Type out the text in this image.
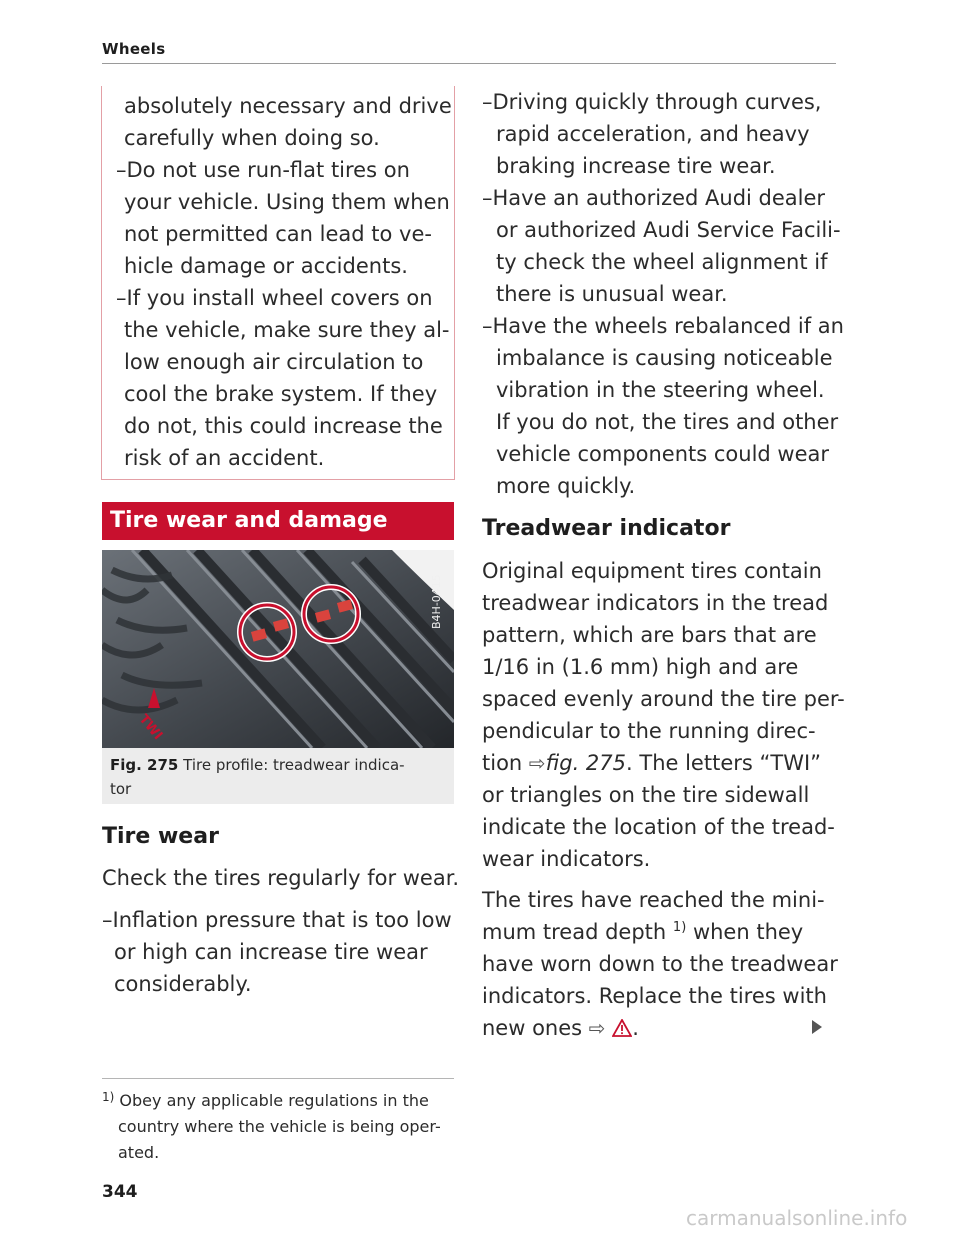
Wheels
absolutely necessary and drive
carefully when doing so.
–Do not use run-flat tires on
your vehicle. Using them when
not permitted can lead to ve-
hicle damage or accidents.
–If you install wheel covers on
the vehicle, make sure they al-
low enough air circulation to
cool the brake system. If they
do not, this could increase the
risk of an accident.
Tire wear and damage
TWI
B4H-0415
Fig. 275 Tire profile: treadwear indica-
tor
Tire wear
Check the tires regularly for wear.
–Inflation pressure that is too low
or high can increase tire wear
considerably.
$^{1)}$ Obey any applicable regulations in the
country where the vehicle is being oper-
ated.
344
–Driving quickly through curves,
rapid acceleration, and heavy
braking increase tire wear.
–Have an authorized Audi dealer
or authorized Audi Service Facili-
ty check the wheel alignment if
there is unusual wear.
–Have the wheels rebalanced if an
imbalance is causing noticeable
vibration in the steering wheel.
If you do not, the tires and other
vehicle components could wear
more quickly.
Treadwear indicator
Original equipment tires contain
treadwear indicators in the tread
pattern, which are bars that are
1/16 in (1.6 mm) high and are
spaced evenly around the tire per-
pendicular to the running direc-
tion ⇨fig. 275. The letters “TWI”
or triangles on the tire sidewall
indicate the location of the tread-
wear indicators.
The tires have reached the mini-
mum tread depth $^{1)}$ when they
have worn down to the treadwear
indicators. Replace the tires with
new ones ⇨ .
carmanualsonline.info
